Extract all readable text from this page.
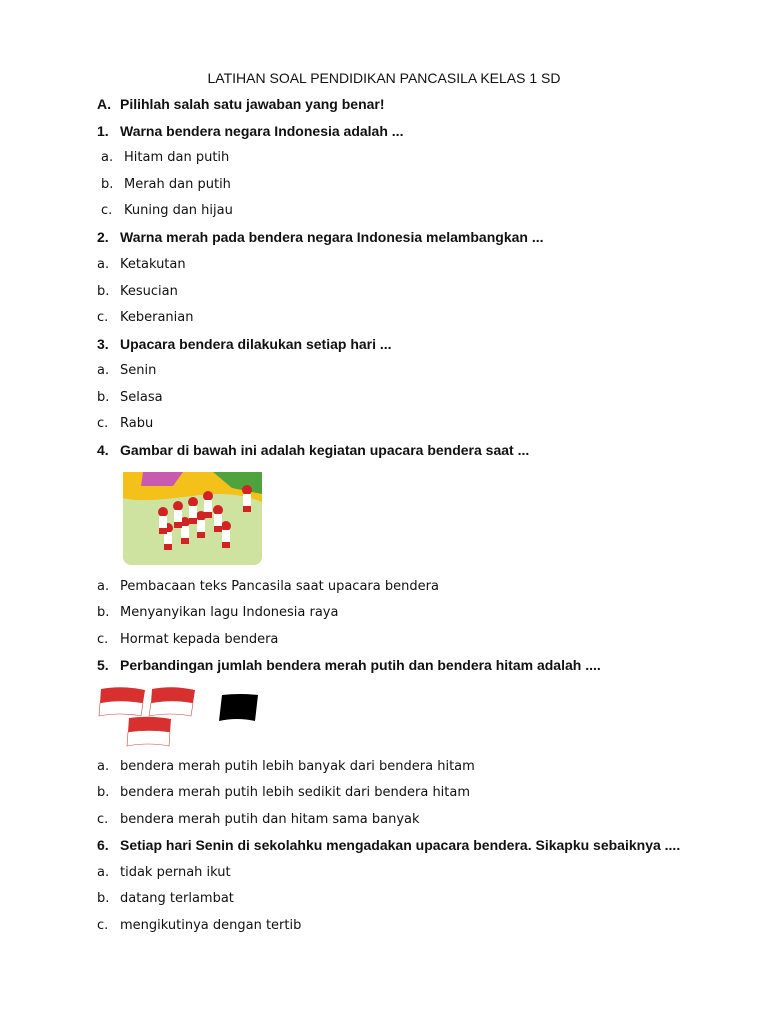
LATIHAN SOAL PENDIDIKAN PANCASILA KELAS 1 SD
A. Pilihlah salah satu jawaban yang benar!
1. Warna bendera negara Indonesia adalah ...
a. Hitam dan putih
b. Merah dan putih
c. Kuning dan hijau
2. Warna merah pada bendera negara Indonesia melambangkan ...
a. Ketakutan
b. Kesucian
c. Keberanian
3. Upacara bendera dilakukan setiap hari ...
a. Senin
b. Selasa
c. Rabu
4. Gambar di bawah ini adalah kegiatan upacara bendera saat ...
a. Pembacaan teks Pancasila saat upacara bendera
b. Menyanyikan lagu Indonesia raya
c. Hormat kepada bendera
5. Perbandingan jumlah bendera merah putih dan bendera hitam adalah ....
a. bendera merah putih lebih banyak dari bendera hitam
b. bendera merah putih lebih sedikit dari bendera hitam
c. bendera merah putih dan hitam sama banyak
6. Setiap hari Senin di sekolahku mengadakan upacara bendera. Sikapku sebaiknya ....
a. tidak pernah ikut
b. datang terlambat
c. mengikutinya dengan tertib
